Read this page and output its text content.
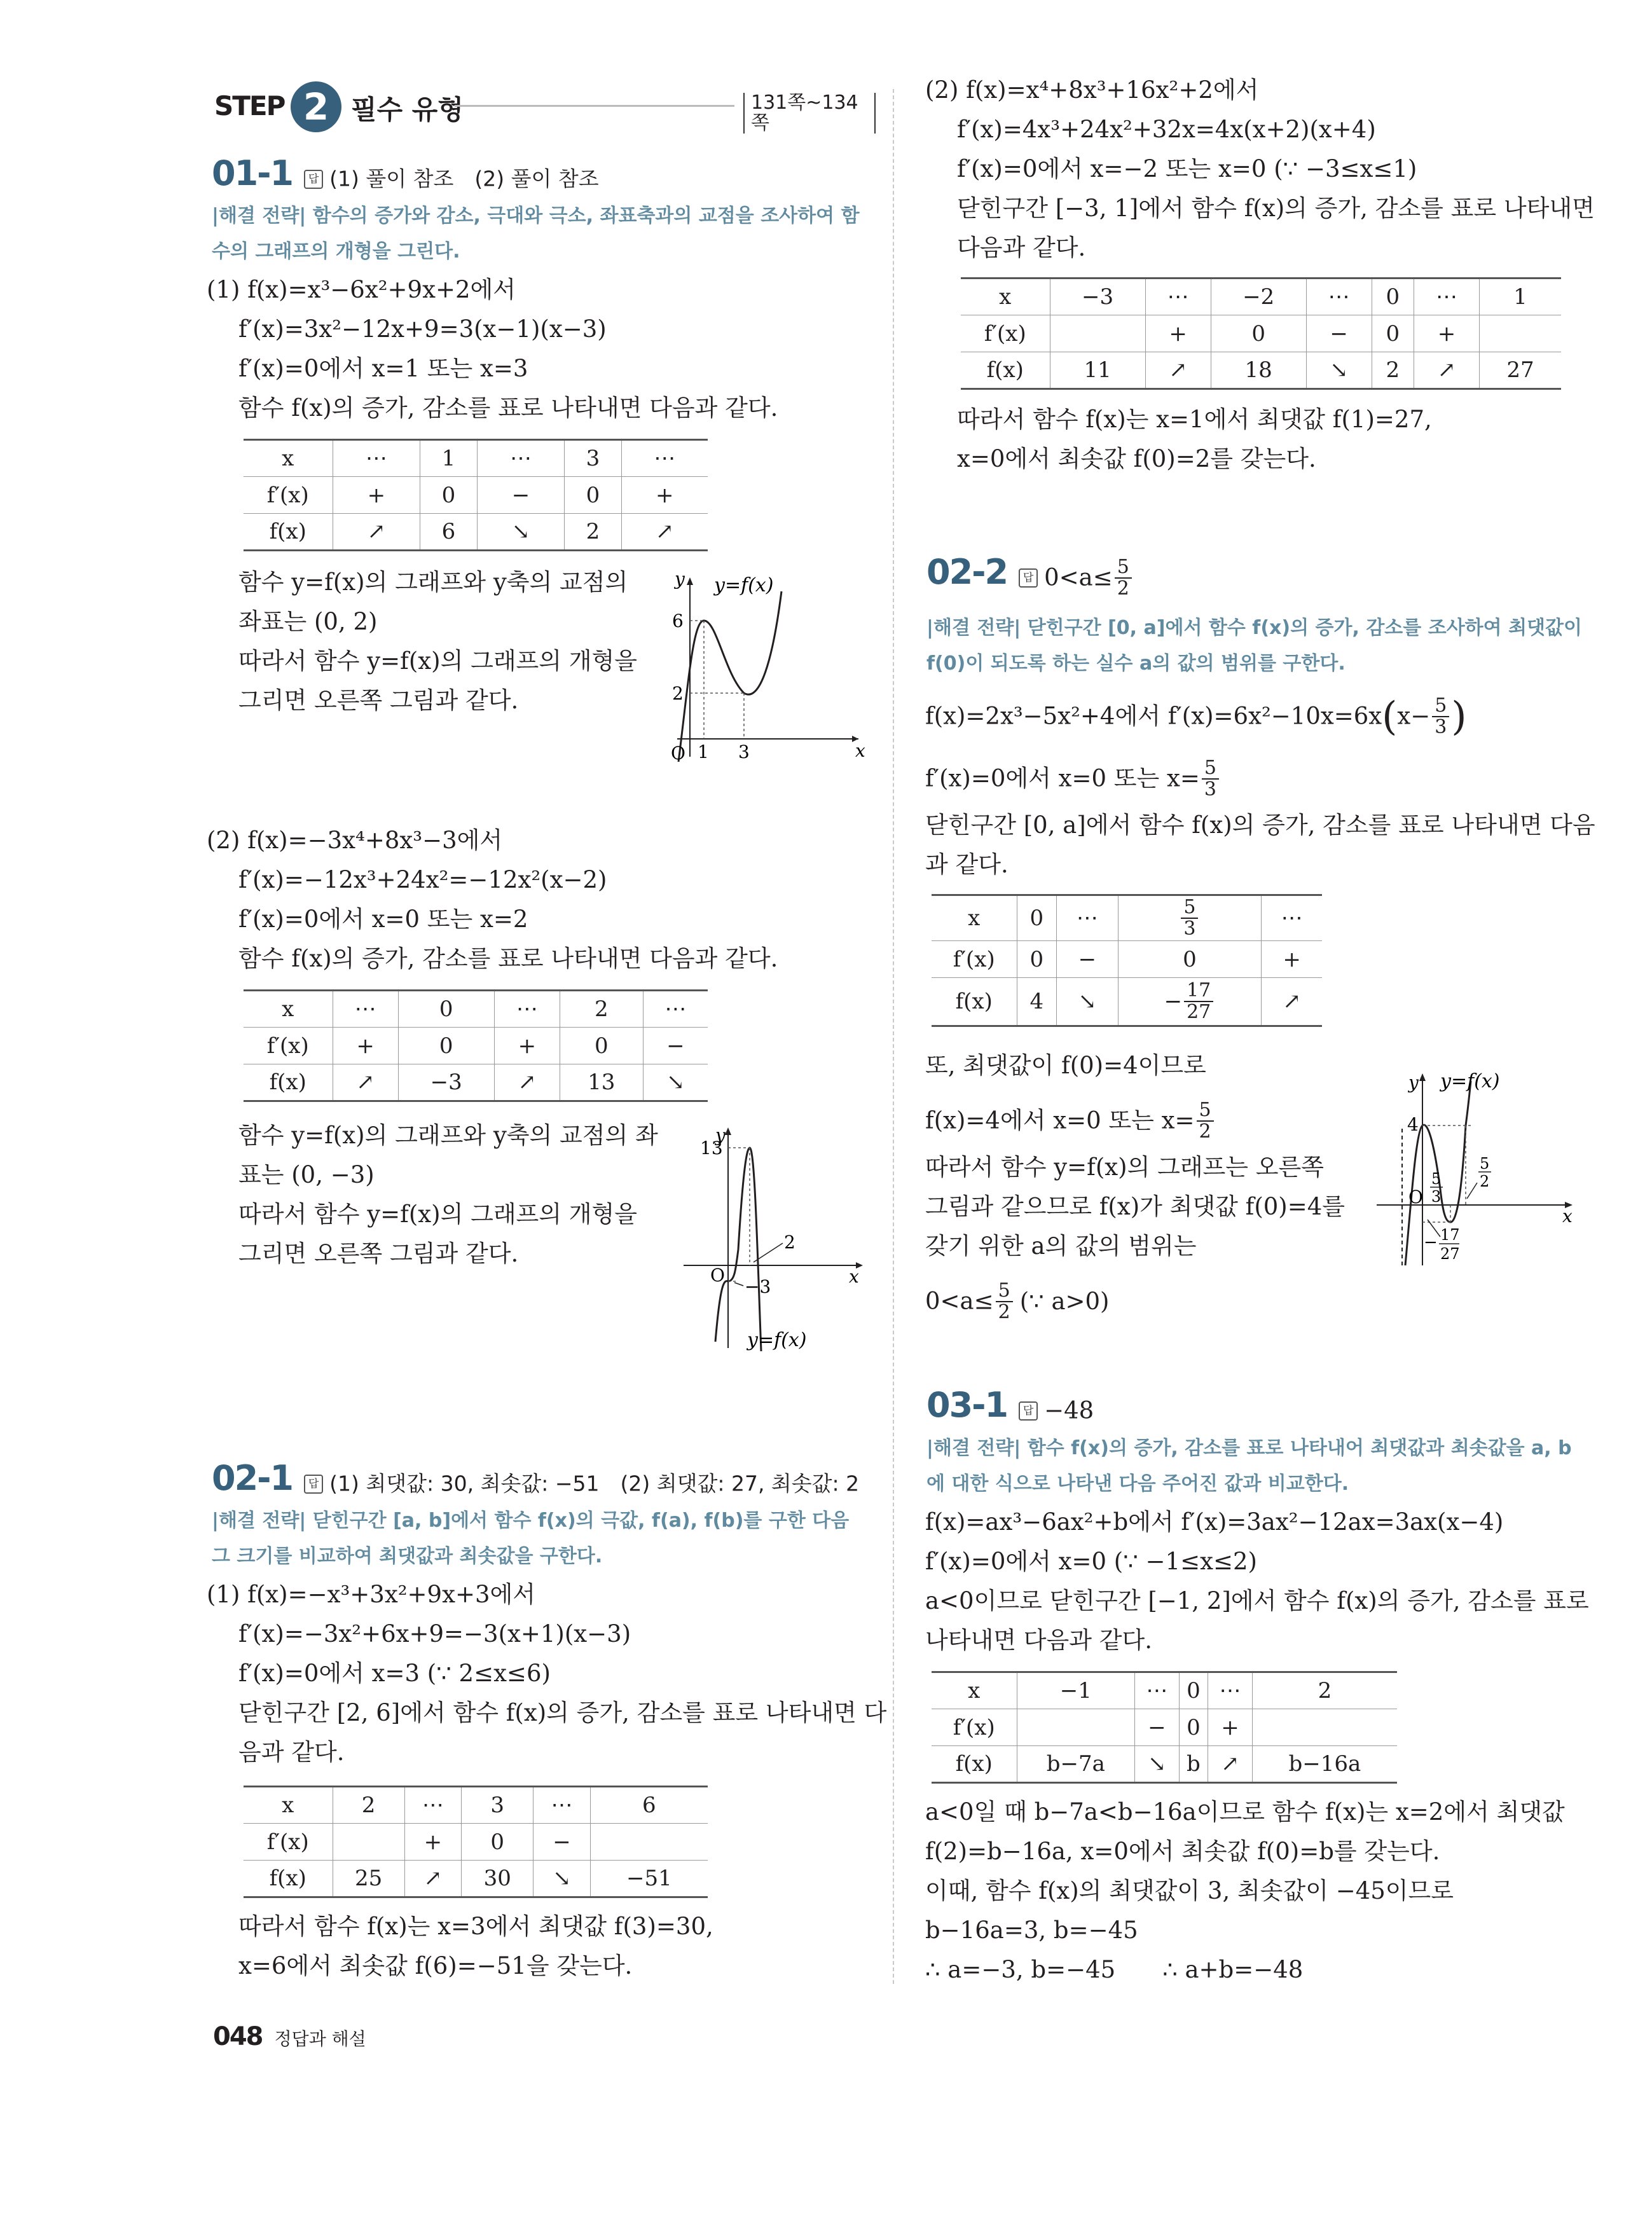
STEP 2 필수 유형	131쪽~134쪽
01-1 답 (1) 풀이 참조　(2) 풀이 참조
|해결 전략| 함수의 증가와 감소, 극대와 극소, 좌표축과의 교점을 조사하여 함수의 그래프의 개형을 그린다.
(1) f(x)=x³−6x²+9x+2에서
f′(x)=3x²−12x+9=3(x−1)(x−3)
f′(x)=0에서 x=1 또는 x=3
함수 f(x)의 증가, 감소를 표로 나타내면 다음과 같다.
x	⋯	1	⋯	3	⋯
f′(x)	+	0	−	0	+
f(x)	↗	6	↘	2	↗
함수 y=f(x)의 그래프와 y축의 교점의
좌표는 (0, 2)
따라서 함수 y=f(x)의 그래프의 개형을
그리면 오른쪽 그림과 같다.
y y=f(x)
6
2
O 1 3	x
(2) f(x)=−3x⁴+8x³−3에서
f′(x)=−12x³+24x²=−12x²(x−2)
f′(x)=0에서 x=0 또는 x=2
함수 f(x)의 증가, 감소를 표로 나타내면 다음과 같다.
x	⋯	0	⋯	2	⋯
f′(x)	+	0	+	0	−
f(x)	↗	−3	↗	13	↘
함수 y=f(x)의 그래프와 y축의 교점의 좌
표는 (0, −3)
따라서 함수 y=f(x)의 그래프의 개형을
그리면 오른쪽 그림과 같다.
y
13
O
2
−3	x
y=f(x)
02-1 답 (1) 최댓값: 30, 최솟값: −51　(2) 최댓값: 27, 최솟값: 2
|해결 전략| 닫힌구간 [a, b]에서 함수 f(x)의 극값, f(a), f(b)를 구한 다음 그 크기를 비교하여 최댓값과 최솟값을 구한다.
(1) f(x)=−x³+3x²+9x+3에서
f′(x)=−3x²+6x+9=−3(x+1)(x−3)
f′(x)=0에서 x=3 (∵ 2≤x≤6)
닫힌구간 [2, 6]에서 함수 f(x)의 증가, 감소를 표로 나타내면 다
음과 같다.
x	2	⋯	3	⋯	6
f′(x)		+	0	−	
f(x)	25	↗	30	↘	−51
따라서 함수 f(x)는 x=3에서 최댓값 f(3)=30,
x=6에서 최솟값 f(6)=−51을 갖는다.
048 정답과 해설
(2) f(x)=x⁴+8x³+16x²+2에서
f′(x)=4x³+24x²+32x=4x(x+2)(x+4)
f′(x)=0에서 x=−2 또는 x=0 (∵ −3≤x≤1)
닫힌구간 [−3, 1]에서 함수 f(x)의 증가, 감소를 표로 나타내면
다음과 같다.
x	−3	⋯	−2	⋯	0	⋯	1
f′(x)		+	0	−	0	+	
f(x)	11	↗	18	↘	2	↗	27
따라서 함수 f(x)는 x=1에서 최댓값 f(1)=27,
x=0에서 최솟값 f(0)=2를 갖는다.
02-2 답 $0<a\le \frac{5}{2}$
|해결 전략| 닫힌구간 [0, a]에서 함수 f(x)의 증가, 감소를 조사하여 최댓값이 f(0)이 되도록 하는 실수 a의 값의 범위를 구한다.
f(x)=2x³−5x²+4에서 $f'(x)=6x^2-10x=6x(x- \frac{5}{3}$ )
f′(x)=0에서 x=0 또는 $x= \frac{5}{3}$
닫힌구간 [0, a]에서 함수 f(x)의 증가, 감소를 표로 나타내면 다음
과 같다.
x	0	⋯	$\frac{5}{3}$	⋯
f′(x)	0	−	0	+
f(x)	4	↘	− $\frac{17}{27}$	↗
또, 최댓값이 f(0)=4이므로
f(x)=4에서 x=0 또는 $x= \frac{5}{2}$
따라서 함수 y=f(x)의 그래프는 오른쪽
그림과 같으므로 f(x)가 최댓값 f(0)=4를
갖기 위한 a의 값의 범위는
$0<a\le \frac{5}{2}$ (∵ a>0)
y y=f(x)
4
O
5
3
5
2
x
− 17
27
03-1 답 −48
|해결 전략| 함수 f(x)의 증가, 감소를 표로 나타내어 최댓값과 최솟값을 a, b에 대한 식으로 나타낸 다음 주어진 값과 비교한다.
f(x)=ax³−6ax²+b에서 f′(x)=3ax²−12ax=3ax(x−4)
f′(x)=0에서 x=0 (∵ −1≤x≤2)
a<0이므로 닫힌구간 [−1, 2]에서 함수 f(x)의 증가, 감소를 표로
나타내면 다음과 같다.
x	−1	⋯	0	⋯	2
f′(x)		−	0	+	
f(x)	b−7a	↘	b	↗	b−16a
a<0일 때 b−7a<b−16a이므로 함수 f(x)는 x=2에서 최댓값
f(2)=b−16a, x=0에서 최솟값 f(0)=b를 갖는다.
이때, 함수 f(x)의 최댓값이 3, 최솟값이 −45이므로
b−16a=3, b=−45
∴ a=−3, b=−45　　∴ a+b=−48
